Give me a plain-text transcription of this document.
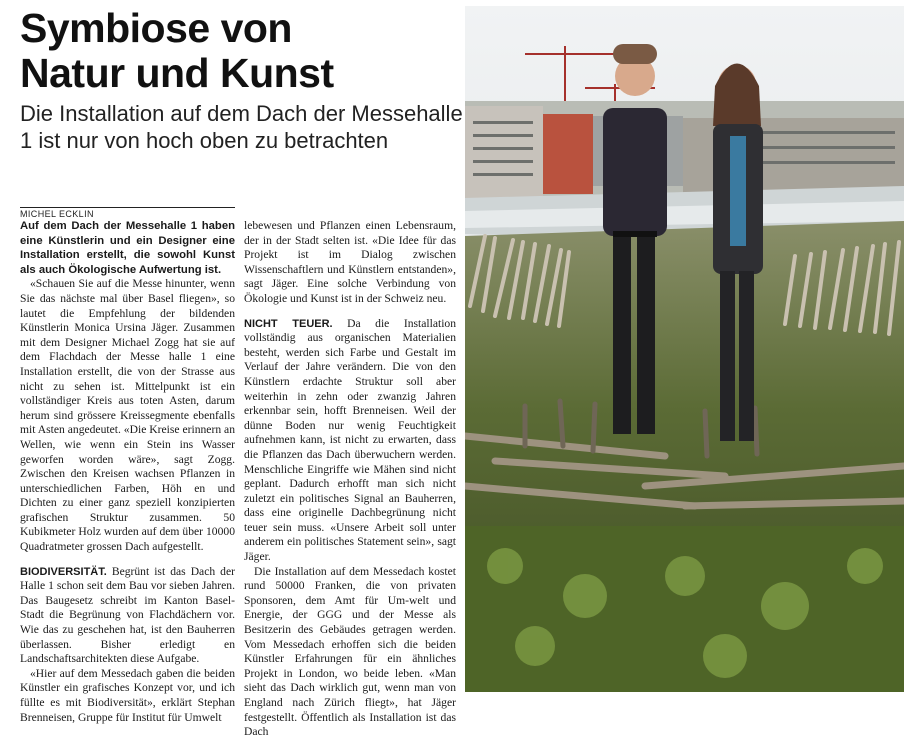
Symbiose von
Natur und Kunst

Die Installation auf dem Dach der Messehalle 1 ist nur von hoch oben zu betrachten

MICHEL ECKLIN

Auf dem Dach der Messehalle 1 haben eine Künstlerin und ein Designer eine Installation erstellt, die sowohl Kunst als auch Ökologische Aufwertung ist.

«Schauen Sie auf die Messe hinunter, wenn Sie das nächste mal über Basel fliegen», so lautet die Empfehlung der bildenden Künstlerin Monica Ursina Jäger. Zusammen mit dem Designer Michael Zogg hat sie auf dem Flachdach der Messe halle 1 eine Installation erstellt, die von der Strasse aus nicht zu sehen ist. Mittelpunkt ist ein vollständiger Kreis aus toten Asten, darum herum sind grössere Kreissegmente ebenfalls mit Asten angedeutet. «Die Kreise erinnern an Wellen, wie wenn ein Stein ins Wasser geworfen worden wäre», sagt Zogg. Zwischen den Kreisen wachsen Pflanzen in unterschiedlichen Farben, Höh en und Dichten zu einer ganz speziell konzipierten grafischen Struktur zusammen. 50 Kubikmeter Holz wurden auf dem über 10000 Quadratmeter grossen Dach aufgestellt.

BIODIVERSITÄT. Begrünt ist das Dach der Halle 1 schon seit dem Bau vor sieben Jahren. Das Baugesetz schreibt im Kanton Basel-Stadt die Begrünung von Flachdächern vor. Wie das zu geschehen hat, ist den Bauherren überlassen. Bisher erledigt en Landschaftsarchitekten diese Aufgabe.

«Hier auf dem Messedach gaben die beiden Künstler ein grafisches Konzept vor, und ich füllte es mit Biodiversität», erklärt Stephan Brenneisen, Gruppe für Institut für Umwelt

lebewesen und Pflanzen einen Lebensraum, der in der Stadt selten ist. «Die Idee für das Projekt ist im Dialog zwischen Wissenschaftlern und Künstlern entstanden», sagt Jäger. Eine solche Verbindung von Ökologie und Kunst ist in der Schweiz neu.

NICHT TEUER. Da die Installation vollständig aus organischen Materialien besteht, werden sich Farbe und Gestalt im Verlauf der Jahre verändern. Die von den Künstlern erdachte Struktur soll aber weiterhin in zehn oder zwanzig Jahren erkennbar sein, hofft Brenneisen. Weil der dünne Boden nur wenig Feuchtigkeit aufnehmen kann, ist nicht zu erwarten, dass die Pflanzen das Dach überwuchern werden. Menschliche Eingriffe wie Mähen sind nicht geplant. Dadurch erhofft man sich nicht zuletzt ein politisches Signal an Bauherren, dass eine originelle Dachbegrünung nicht teuer sein muss. «Unsere Arbeit soll unter anderem ein politisches Statement sein», sagt Jäger.

Die Installation auf dem Messedach kostet rund 50000 Franken, die von privaten Sponsoren, dem Amt für Um-welt und Energie, der GGG und der Messe als Besitzerin des Gebäudes getragen werden. Vom Messedach erhoffen sich die beiden Künstler Erfahrungen für ein ähnliches Projekt in London, wo beide leben. «Man sieht das Dach wirklich gut, wenn man von England nach Zürich fliegt», hat Jäger festgestellt. Öffentlich als Installation ist das Dach
